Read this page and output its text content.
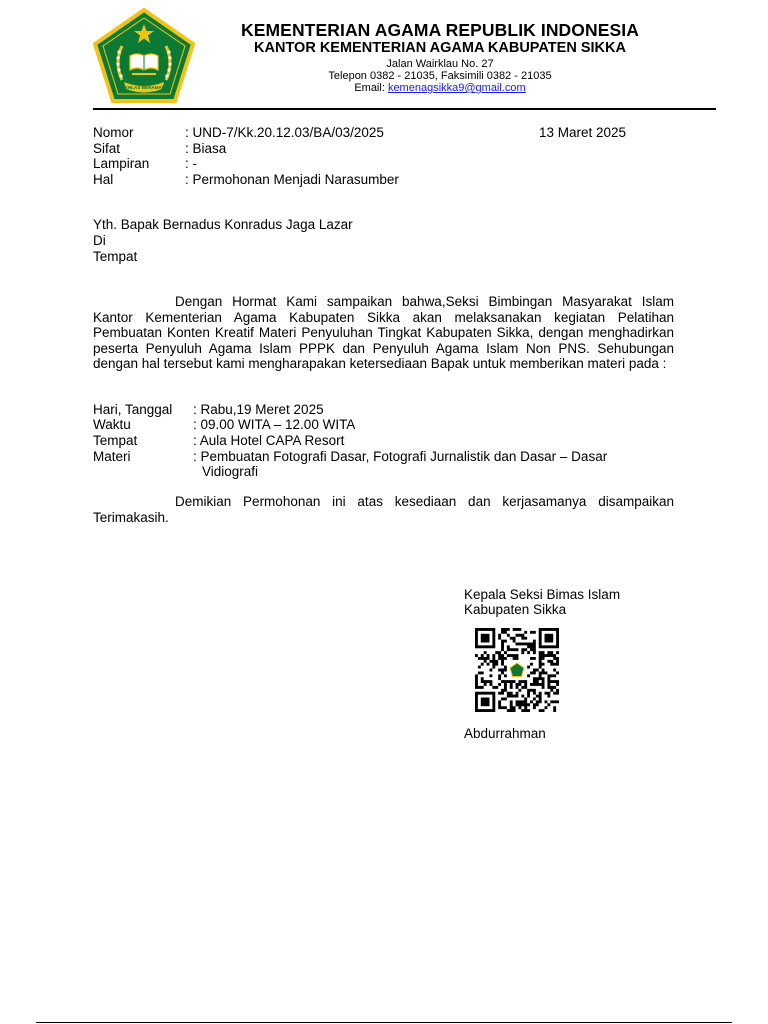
IKHLAS BERAMAL
KEMENTERIAN AGAMA REPUBLIK INDONESIA
KANTOR KEMENTERIAN AGAMA KABUPATEN SIKKA
Jalan Wairklau No. 27
Telepon 0382 - 21035, Faksimili 0382 - 21035
Email: kemenagsikka9@gmail.com
Nomor	: UND-7/Kk.20.12.03/BA/03/2025	13 Maret 2025
Sifat	: Biasa
Lampiran	: -
Hal	: Permohonan Menjadi Narasumber
Yth. Bapak Bernadus Konradus Jaga Lazar
Di
Tempat
Dengan Hormat Kami sampaikan bahwa,Seksi Bimbingan Masyarakat Islam Kantor Kementerian Agama Kabupaten Sikka akan melaksanakan kegiatan Pelatihan Pembuatan Konten Kreatif Materi Penyuluhan Tingkat Kabupaten Sikka, dengan menghadirkan peserta Penyuluh Agama Islam PPPK dan Penyuluh Agama Islam Non PNS. Sehubungan dengan hal tersebut kami mengharapakan ketersediaan Bapak untuk memberikan materi pada :
Hari, Tanggal : Rabu,19 Meret 2025
Waktu	: 09.00 WITA – 12.00 WITA
Tempat	: Aula Hotel CAPA Resort
Materi	: Pembuatan Fotografi Dasar, Fotografi Jurnalistik dan Dasar – Dasar
Vidiografi
Demikian Permohonan ini atas kesediaan dan kerjasamanya disampaikan Terimakasih.
Kepala Seksi Bimas Islam
Kabupaten Sikka
Abdurrahman
